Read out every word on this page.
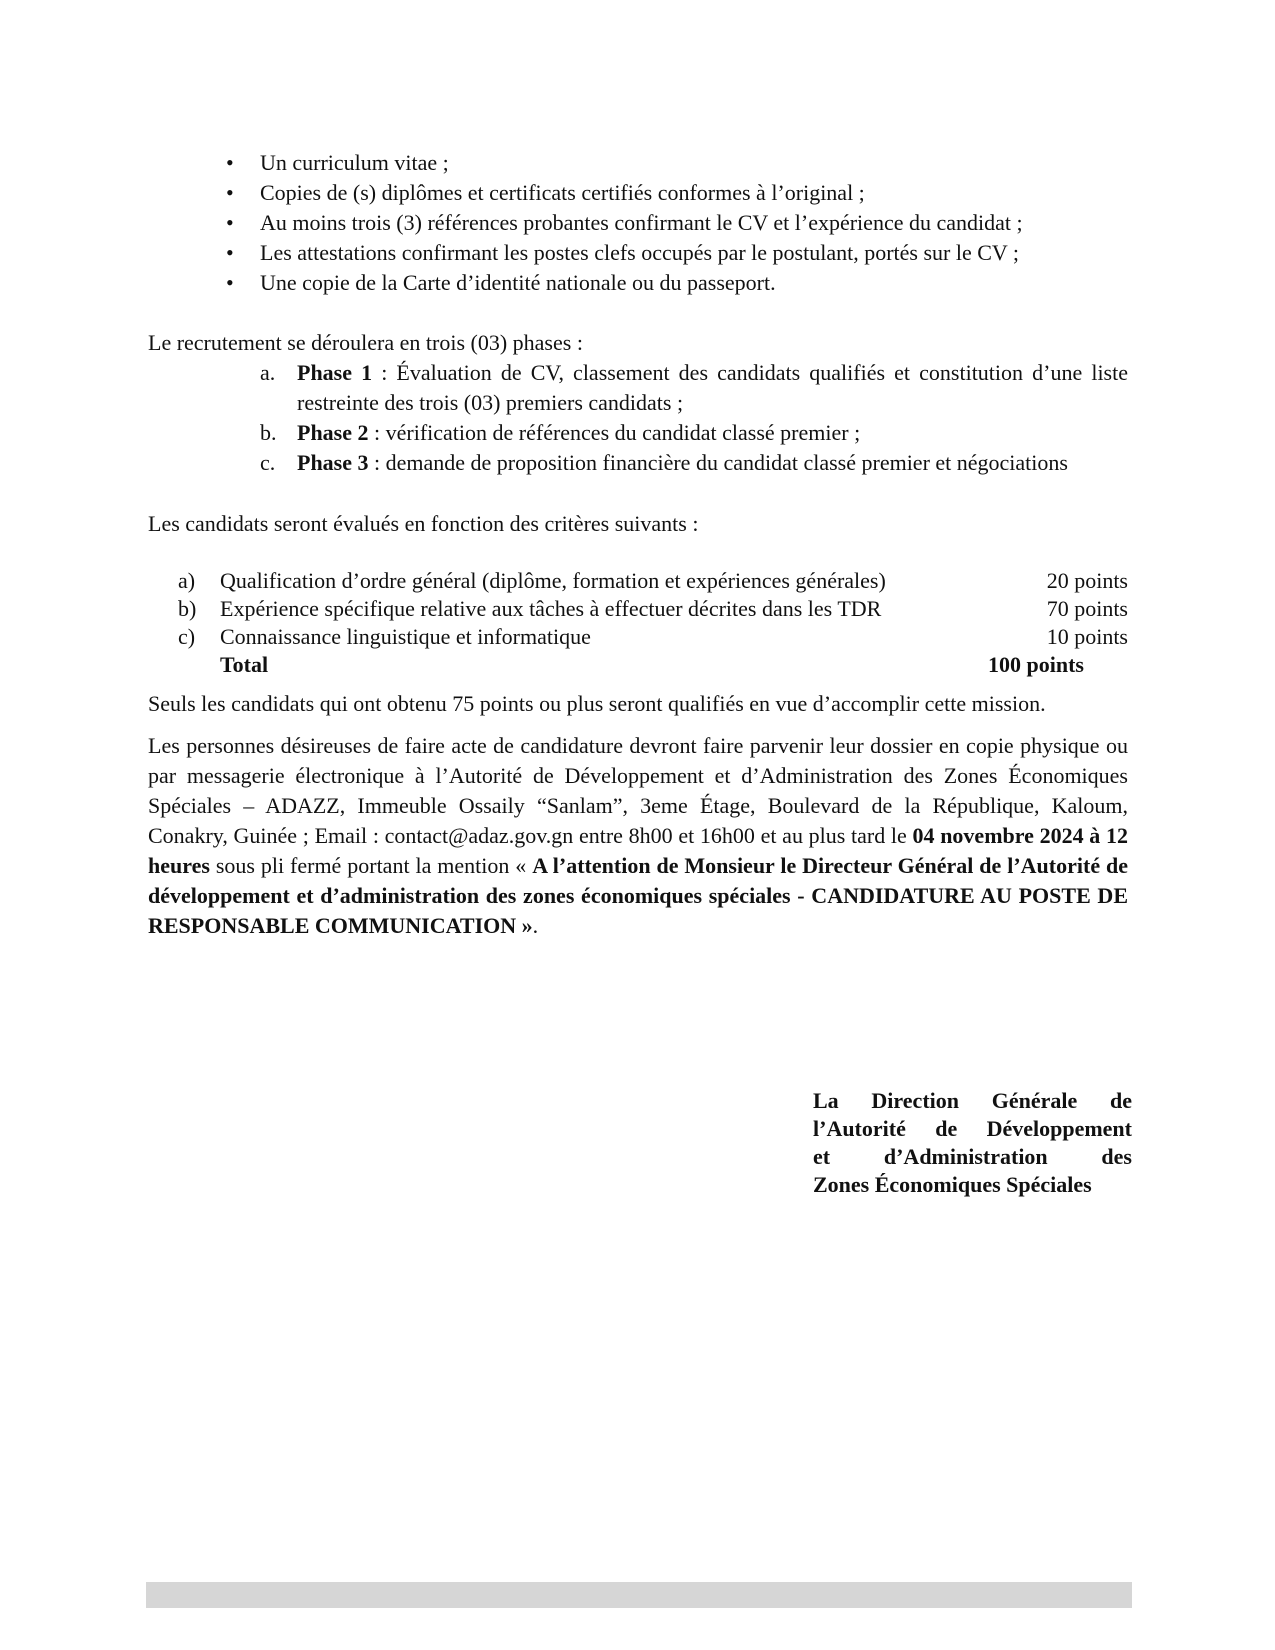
• Un curriculum vitae ;
• Copies de (s) diplômes et certificats certifiés conformes à l’original ;
• Au moins trois (3) références probantes confirmant le CV et l’expérience du candidat ;
• Les attestations confirmant les postes clefs occupés par le postulant, portés sur le CV ;
• Une copie de la Carte d’identité nationale ou du passeport.

Le recrutement se déroulera en trois (03) phases :

a. Phase 1 : Évaluation de CV, classement des candidats qualifiés et constitution d’une liste restreinte des trois (03) premiers candidats ;
b. Phase 2 : vérification de références du candidat classé premier ;
c. Phase 3 : demande de proposition financière du candidat classé premier et négociations

Les candidats seront évalués en fonction des critères suivants :

a)	Qualification d’ordre général (diplôme, formation et expériences générales)	20 points
b)	Expérience spécifique relative aux tâches à effectuer décrites dans les TDR	70 points
c)	Connaissance linguistique et informatique	10 points
	Total	100 points

Seuls les candidats qui ont obtenu 75 points ou plus seront qualifiés en vue d’accomplir cette mission.

Les personnes désireuses de faire acte de candidature devront faire parvenir leur dossier en copie physique ou par messagerie électronique à l’Autorité de Développement et d’Administration des Zones Économiques Spéciales – ADAZZ, Immeuble Ossaily “Sanlam”, 3eme Étage, Boulevard de la République, Kaloum, Conakry, Guinée ; Email : contact@adaz.gov.gn entre 8h00 et 16h00 et au plus tard le 04 novembre 2024 à 12 heures sous pli fermé portant la mention « A l’attention de Monsieur le Directeur Général de l’Autorité de développement et d’administration des zones économiques spéciales - CANDIDATURE AU POSTE DE RESPONSABLE COMMUNICATION ».

La Direction Générale de
l’Autorité de Développement
et d’Administration des
Zones Économiques Spéciales
